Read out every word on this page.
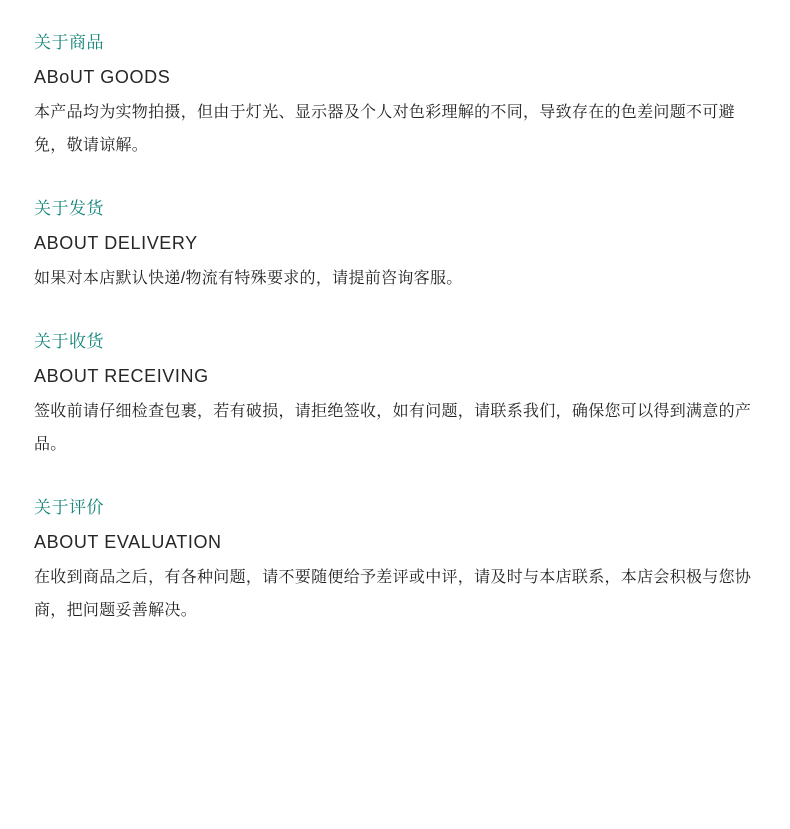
关于商品
ABoUT GOODS

本产品均为实物拍摄，但由于灯光、显示器及个人对色彩理解的不同，导致存在的色差问题不可避免，敬请谅解。

关于发货
ABOUT DELIVERY

如果对本店默认快递/物流有特殊要求的，请提前咨询客服。

关于收货
ABOUT RECEIVING

签收前请仔细检查包裹，若有破损，请拒绝签收，如有问题，请联系我们，确保您可以得到满意的产品。

关于评价
ABOUT EVALUATION

在收到商品之后，有各种问题，请不要随便给予差评或中评，请及时与本店联系，本店会积极与您协商，把问题妥善解决。
